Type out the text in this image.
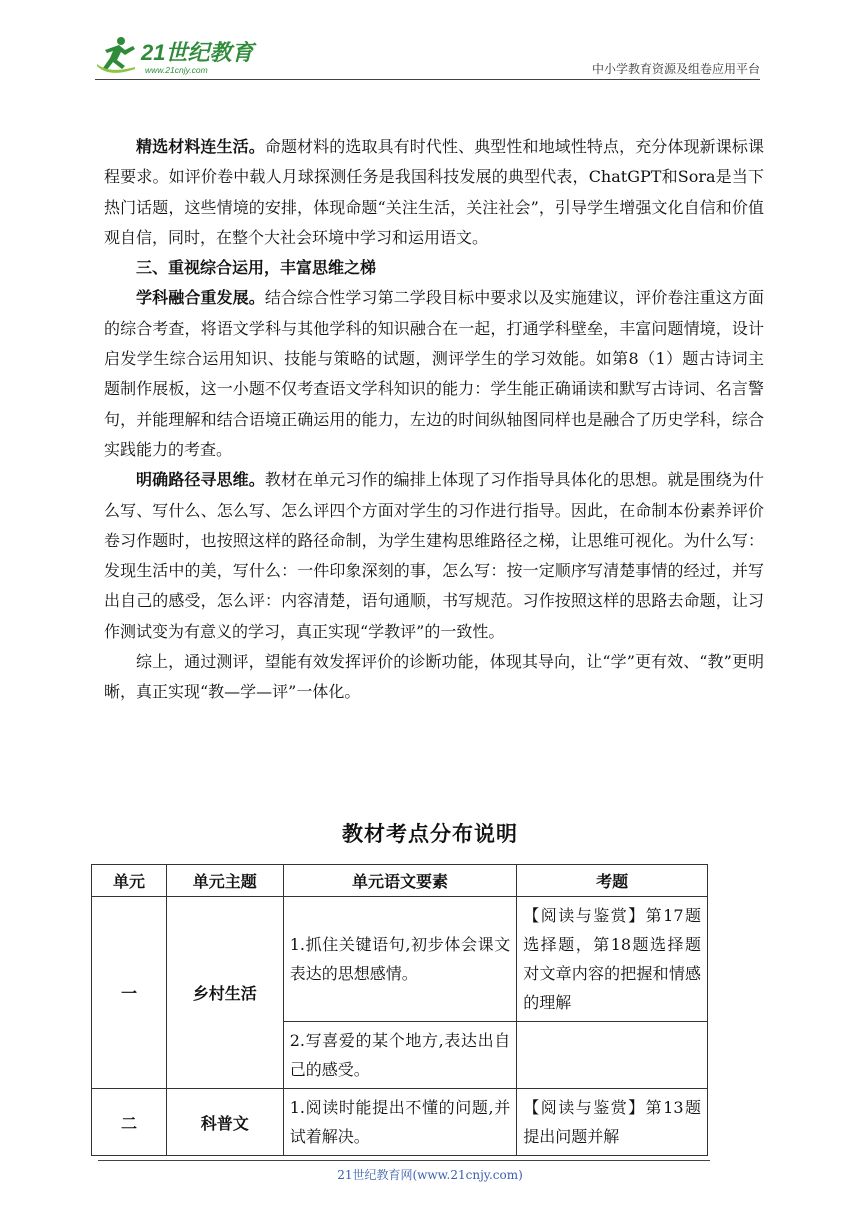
21世纪教育
www.21cnjy.com	中小学教育资源及组卷应用平台

精选材料连生活。命题材料的选取具有时代性、典型性和地域性特点，充分体现新课标课程要求。如评价卷中载人月球探测任务是我国科技发展的典型代表，ChatGPT和Sora是当下热门话题，这些情境的安排，体现命题“关注生活，关注社会”，引导学生增强文化自信和价值观自信，同时，在整个大社会环境中学习和运用语文。

三、重视综合运用，丰富思维之梯

学科融合重发展。结合综合性学习第二学段目标中要求以及实施建议，评价卷注重这方面的综合考查，将语文学科与其他学科的知识融合在一起，打通学科壁垒，丰富问题情境，设计启发学生综合运用知识、技能与策略的试题，测评学生的学习效能。如第8（1）题古诗词主题制作展板，这一小题不仅考查语文学科知识的能力：学生能正确诵读和默写古诗词、名言警句，并能理解和结合语境正确运用的能力，左边的时间纵轴图同样也是融合了历史学科，综合实践能力的考查。

明确路径寻思维。教材在单元习作的编排上体现了习作指导具体化的思想。就是围绕为什么写、写什么、怎么写、怎么评四个方面对学生的习作进行指导。因此，在命制本份素养评价卷习作题时，也按照这样的路径命制，为学生建构思维路径之梯，让思维可视化。为什么写：发现生活中的美，写什么：一件印象深刻的事，怎么写：按一定顺序写清楚事情的经过，并写出自己的感受，怎么评：内容清楚，语句通顺，书写规范。习作按照这样的思路去命题，让习作测试变为有意义的学习，真正实现“学教评”的一致性。

综上，通过测评，望能有效发挥评价的诊断功能，体现其导向，让“学”更有效、“教”更明晰，真正实现“教—学—评”一体化。

教材考点分布说明
单元	单元主题	单元语文要素	考题
一	乡村生活	1.抓住关键语句,初步体会课文表达的思想感情。	【阅读与鉴赏】第17题选择题，第18题选择题对文章内容的把握和情感的理解
		2.写喜爱的某个地方,表达出自己的感受。	
二	科普文	1.阅读时能提出不懂的问题,并试着解决。	【阅读与鉴赏】第13题提出问题并解
21世纪教育网(www.21cnjy.com)
